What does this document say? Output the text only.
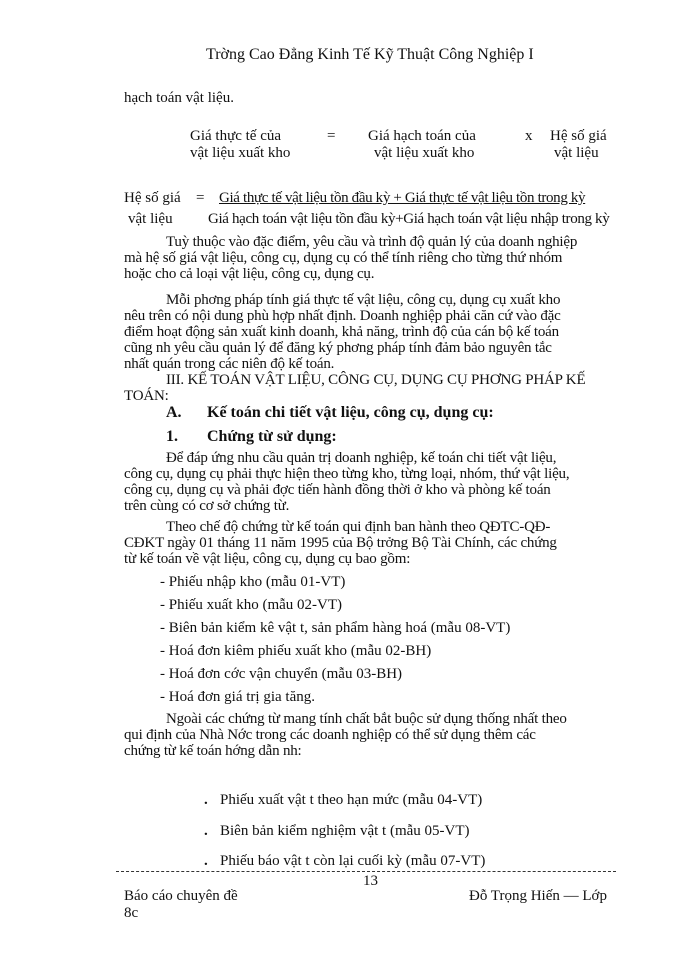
Trờng Cao Đẳng Kinh Tế Kỹ Thuật Công Nghiệp I
hạch toán vật liệu.
Giá thực tế của
vật liệu xuất kho
= Giá hạch toán của
vật liệu xuất kho
x Hệ số giá
vật liệu
Hệ số giá = Giá thực tế vật liệu tồn đầu kỳ + Giá thực tế vật liệu tồn trong kỳ
vật liệu Giá hạch toán vật liệu tồn đầu kỳ+Giá hạch toán vật liệu nhập trong kỳ
Tuỳ thuộc vào đặc điểm, yêu cầu và trình độ quản lý của doanh nghiệp
mà hệ số giá vật liệu, công cụ, dụng cụ có thể tính riêng cho từng thứ nhóm
hoặc cho cả loại vật liệu, công cụ, dụng cụ.
Mỗi phơng pháp tính giá thực tế vật liệu, công cụ, dụng cụ xuất kho
nêu trên có nội dung phù hợp nhất định. Doanh nghiệp phải căn cứ vào đặc
điểm hoạt động sản xuất kinh doanh, khả năng, trình độ của cán bộ kế toán
cũng nh yêu cầu quản lý để đăng ký phơng pháp tính đảm bảo nguyên tắc
nhất quán trong các niên độ kế toán.
III. KẾ TOÁN VẬT LIỆU, CÔNG CỤ, DỤNG CỤ PHƠNG PHÁP KẾ
TOÁN:
A. Kế toán chi tiết vật liệu, công cụ, dụng cụ:
1. Chứng từ sử dụng:
Để đáp ứng nhu cầu quản trị doanh nghiệp, kế toán chi tiết vật liệu,
công cụ, dụng cụ phải thực hiện theo từng kho, từng loại, nhóm, thứ vật liệu,
công cụ, dụng cụ và phải đợc tiến hành đồng thời ở kho và phòng kế toán
trên cùng có cơ sở chứng từ.
Theo chế độ chứng từ kế toán qui định ban hành theo QĐTC-QĐ-
CĐKT ngày 01 tháng 11 năm 1995 của Bộ trởng Bộ Tài Chính, các chứng
từ kế toán về vật liệu, công cụ, dụng cụ bao gồm:
- Phiếu nhập kho (mẫu 01-VT)
- Phiếu xuất kho (mẫu 02-VT)
- Biên bản kiểm kê vật t, sản phẩm hàng hoá (mẫu 08-VT)
- Hoá đơn kiêm phiếu xuất kho (mẫu 02-BH)
- Hoá đơn cớc vận chuyển (mẫu 03-BH)
- Hoá đơn giá trị gia tăng.
Ngoài các chứng từ mang tính chất bắt buộc sử dụng thống nhất theo
qui định của Nhà Nớc trong các doanh nghiệp có thể sử dụng thêm các
chứng từ kế toán hớng dẫn nh:
. Phiếu xuất vật t theo hạn mức (mẫu 04-VT)
. Biên bản kiểm nghiệm vật t (mẫu 05-VT)
. Phiếu báo vật t còn lại cuối kỳ (mẫu 07-VT)
13
Báo cáo chuyên đề
8c
Đỗ Trọng Hiến — Lớp
